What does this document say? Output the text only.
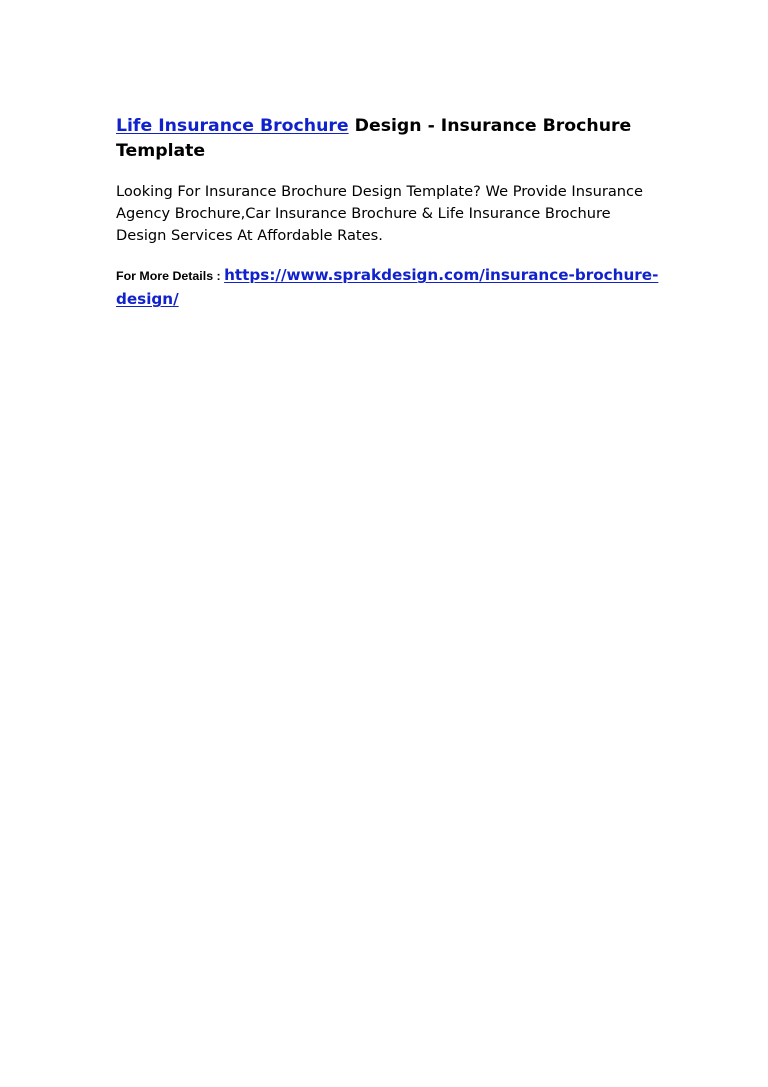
Life Insurance Brochure Design - Insurance Brochure Template

Looking For Insurance Brochure Design Template? We Provide Insurance Agency Brochure,Car Insurance Brochure & Life Insurance Brochure Design Services At Affordable Rates.

For More Details : https://www.sprakdesign.com/insurance-brochure-design/
